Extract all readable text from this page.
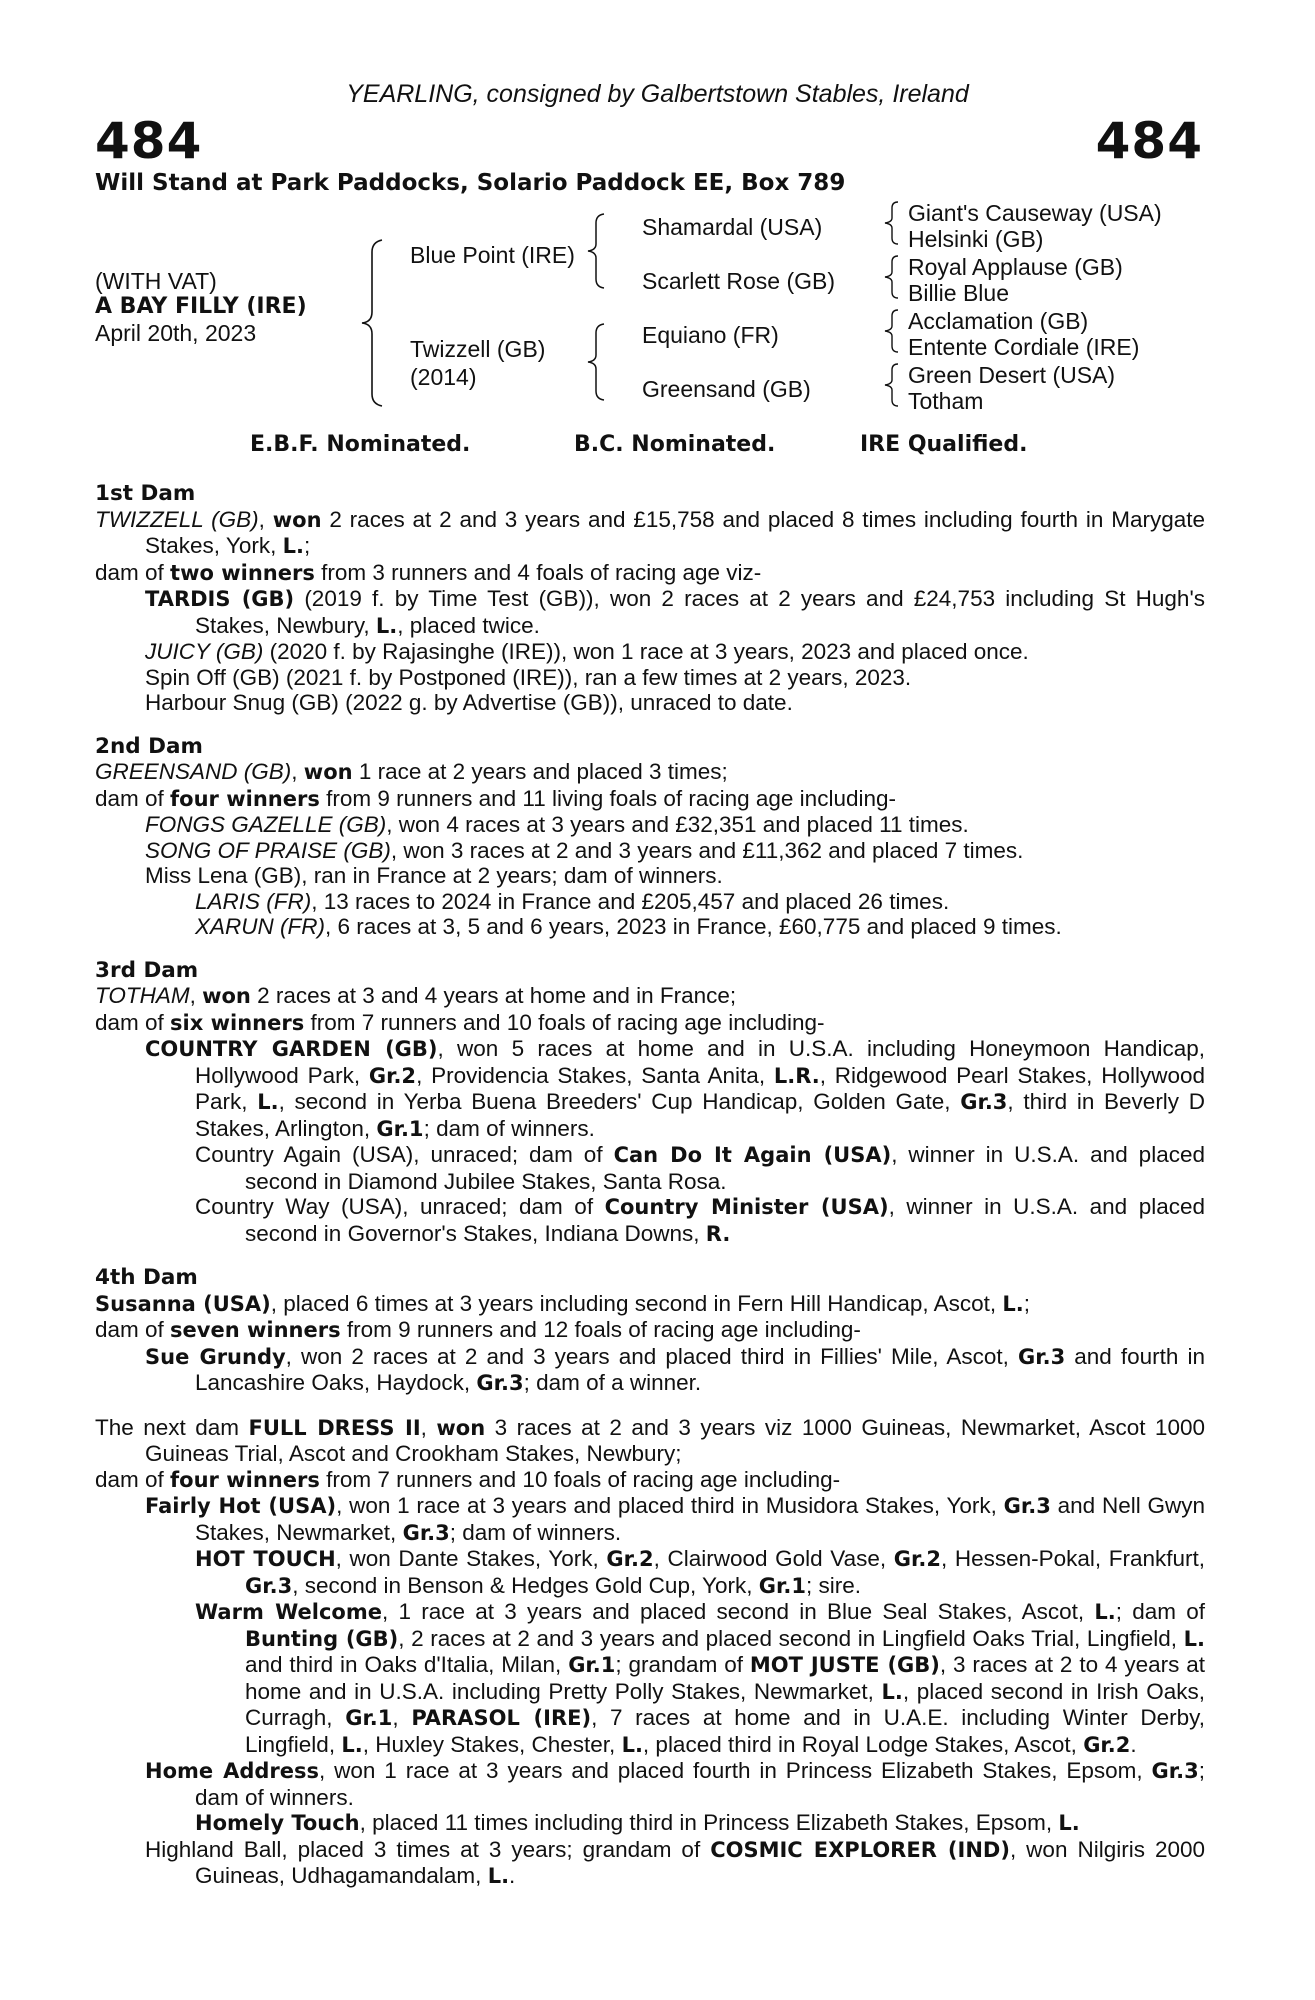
YEARLING, consigned by Galbertstown Stables, Ireland
484	484
Will Stand at Park Paddocks, Solario Paddock EE, Box 789
(WITH VAT)
A BAY FILLY (IRE)
April 20th, 2023
Blue Point (IRE)
Twizzell (GB)
(2014)
Shamardal (USA)
Scarlett Rose (GB)
Equiano (FR)
Greensand (GB)
Giant's Causeway (USA)
Helsinki (GB)
Royal Applause (GB)
Billie Blue
Acclamation (GB)
Entente Cordiale (IRE)
Green Desert (USA)
Totham
E.B.F. Nominated.	B.C. Nominated.	IRE Qualified.
1st Dam

TWIZZELL (GB), won 2 races at 2 and 3 years and £15,758 and placed 8 times including fourth in Marygate Stakes, York, L.;

dam of two winners from 3 runners and 4 foals of racing age viz-

TARDIS (GB) (2019 f. by Time Test (GB)), won 2 races at 2 years and £24,753 including St Hugh's Stakes, Newbury, L., placed twice.

JUICY (GB) (2020 f. by Rajasinghe (IRE)), won 1 race at 3 years, 2023 and placed once.

Spin Off (GB) (2021 f. by Postponed (IRE)), ran a few times at 2 years, 2023.

Harbour Snug (GB) (2022 g. by Advertise (GB)), unraced to date.

2nd Dam

GREENSAND (GB), won 1 race at 2 years and placed 3 times;

dam of four winners from 9 runners and 11 living foals of racing age including-

FONGS GAZELLE (GB), won 4 races at 3 years and £32,351 and placed 11 times.

SONG OF PRAISE (GB), won 3 races at 2 and 3 years and £11,362 and placed 7 times.

Miss Lena (GB), ran in France at 2 years; dam of winners.

LARIS (FR), 13 races to 2024 in France and £205,457 and placed 26 times.

XARUN (FR), 6 races at 3, 5 and 6 years, 2023 in France, £60,775 and placed 9 times.

3rd Dam

TOTHAM, won 2 races at 3 and 4 years at home and in France;

dam of six winners from 7 runners and 10 foals of racing age including-

COUNTRY GARDEN (GB), won 5 races at home and in U.S.A. including Honeymoon Handicap, Hollywood Park, Gr.2, Providencia Stakes, Santa Anita, L.R., Ridgewood Pearl Stakes, Hollywood Park, L., second in Yerba Buena Breeders' Cup Handicap, Golden Gate, Gr.3, third in Beverly D Stakes, Arlington, Gr.1; dam of winners.

Country Again (USA), unraced; dam of Can Do It Again (USA), winner in U.S.A. and placed second in Diamond Jubilee Stakes, Santa Rosa.

Country Way (USA), unraced; dam of Country Minister (USA), winner in U.S.A. and placed second in Governor's Stakes, Indiana Downs, R.

4th Dam

Susanna (USA), placed 6 times at 3 years including second in Fern Hill Handicap, Ascot, L.;

dam of seven winners from 9 runners and 12 foals of racing age including-

Sue Grundy, won 2 races at 2 and 3 years and placed third in Fillies' Mile, Ascot, Gr.3 and fourth in Lancashire Oaks, Haydock, Gr.3; dam of a winner.

The next dam FULL DRESS II, won 3 races at 2 and 3 years viz 1000 Guineas, Newmarket, Ascot 1000 Guineas Trial, Ascot and Crookham Stakes, Newbury;

dam of four winners from 7 runners and 10 foals of racing age including-

Fairly Hot (USA), won 1 race at 3 years and placed third in Musidora Stakes, York, Gr.3 and Nell Gwyn Stakes, Newmarket, Gr.3; dam of winners.

HOT TOUCH, won Dante Stakes, York, Gr.2, Clairwood Gold Vase, Gr.2, Hessen-Pokal, Frankfurt, Gr.3, second in Benson & Hedges Gold Cup, York, Gr.1; sire.

Warm Welcome, 1 race at 3 years and placed second in Blue Seal Stakes, Ascot, L.; dam of Bunting (GB), 2 races at 2 and 3 years and placed second in Lingfield Oaks Trial, Lingfield, L. and third in Oaks d'Italia, Milan, Gr.1; grandam of MOT JUSTE (GB), 3 races at 2 to 4 years at home and in U.S.A. including Pretty Polly Stakes, Newmarket, L., placed second in Irish Oaks, Curragh, Gr.1, PARASOL (IRE), 7 races at home and in U.A.E. including Winter Derby, Lingfield, L., Huxley Stakes, Chester, L., placed third in Royal Lodge Stakes, Ascot, Gr.2.

Home Address, won 1 race at 3 years and placed fourth in Princess Elizabeth Stakes, Epsom, Gr.3; dam of winners.

Homely Touch, placed 11 times including third in Princess Elizabeth Stakes, Epsom, L.

Highland Ball, placed 3 times at 3 years; grandam of COSMIC EXPLORER (IND), won Nilgiris 2000 Guineas, Udhagamandalam, L..
